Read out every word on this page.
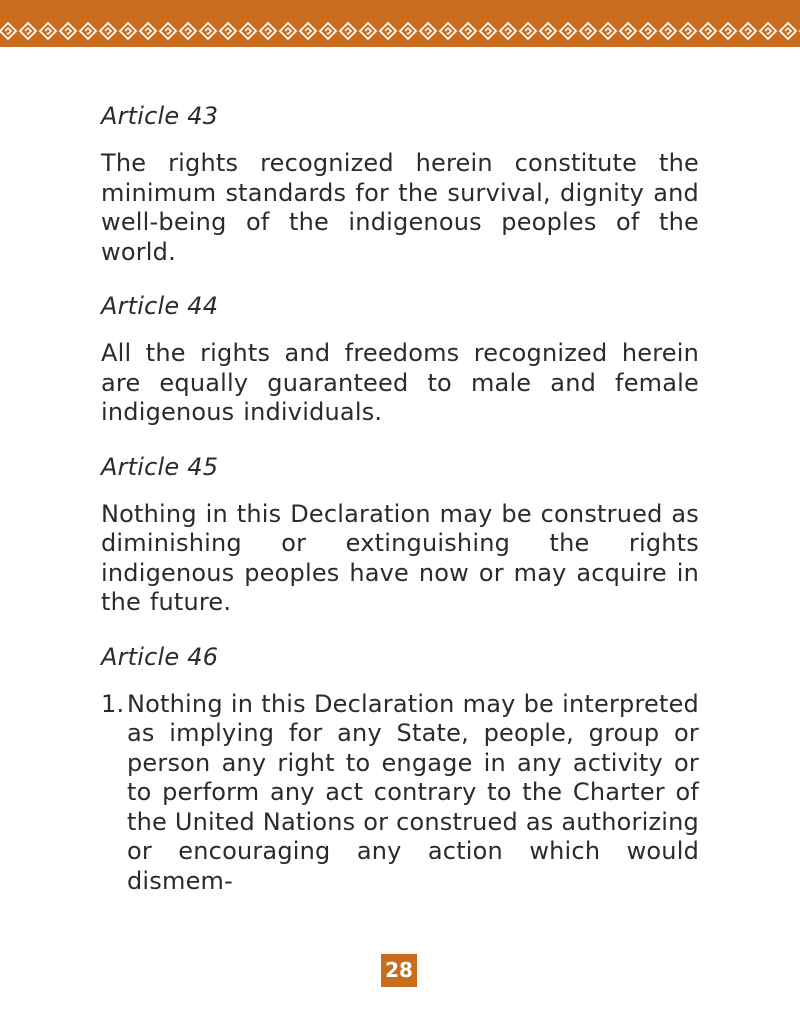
Article 43

The rights recognized herein constitute the minimum standards for the survival, dignity and well-being of the indigenous peoples of the world.

Article 44

All the rights and freedoms recognized herein are equally guaranteed to male and female indigenous individuals.

Article 45

Nothing in this Declaration may be construed as diminishing or extinguishing the rights indigenous peoples have now or may acquire in the future.

Article 46
1. Nothing in this Declaration may be interpreted as implying for any State, people, group or person any right to engage in any activity or to perform any act contrary to the Charter of the United Nations or construed as authorizing or encouraging any action which would dismem-
28
